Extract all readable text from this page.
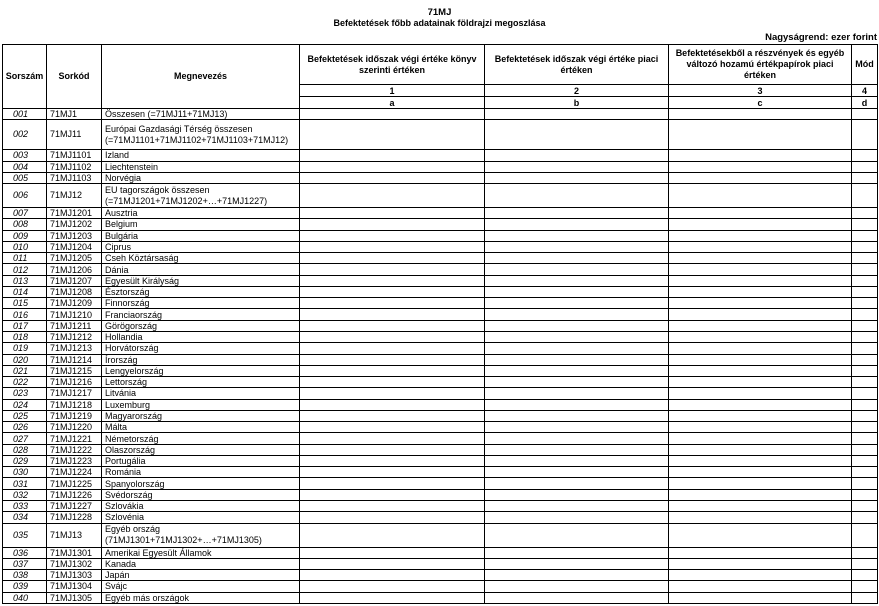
71MJ
Befektetések főbb adatainak földrajzi megoszlása
Nagyságrend: ezer forint
Sorszám	Sorkód	Megnevezés	Befektetések időszak végi értéke könyv
szerinti értéken	Befektetések időszak végi értéke piaci
értéken	Befektetésekből a részvények és egyéb
változó hozamú értékpapírok piaci
értéken	Mód
			1	2	3	4
			a	b	c	d
001	71MJ1	Összesen (=71MJ11+71MJ13)				
002	71MJ11	Európai Gazdasági Térség összesen
(=71MJ1101+71MJ1102+71MJ1103+71MJ12)				
003	71MJ1101	Izland				
004	71MJ1102	Liechtenstein				
005	71MJ1103	Norvégia				
006	71MJ12	EU tagországok összesen
(=71MJ1201+71MJ1202+…+71MJ1227)				
007	71MJ1201	Ausztria				
008	71MJ1202	Belgium				
009	71MJ1203	Bulgária				
010	71MJ1204	Ciprus				
011	71MJ1205	Cseh Köztársaság				
012	71MJ1206	Dánia				
013	71MJ1207	Egyesült Királyság				
014	71MJ1208	Észtország				
015	71MJ1209	Finnország				
016	71MJ1210	Franciaország				
017	71MJ1211	Görögország				
018	71MJ1212	Hollandia				
019	71MJ1213	Horvátország				
020	71MJ1214	Írország				
021	71MJ1215	Lengyelország				
022	71MJ1216	Lettország				
023	71MJ1217	Litvánia				
024	71MJ1218	Luxemburg				
025	71MJ1219	Magyarország				
026	71MJ1220	Málta				
027	71MJ1221	Németország				
028	71MJ1222	Olaszország				
029	71MJ1223	Portugália				
030	71MJ1224	Románia				
031	71MJ1225	Spanyolország				
032	71MJ1226	Svédország				
033	71MJ1227	Szlovákia				
034	71MJ1228	Szlovénia				
035	71MJ13	Egyéb ország
(71MJ1301+71MJ1302+…+71MJ1305)				
036	71MJ1301	Amerikai Egyesült Államok				
037	71MJ1302	Kanada				
038	71MJ1303	Japán				
039	71MJ1304	Svájc				
040	71MJ1305	Egyéb más országok				
